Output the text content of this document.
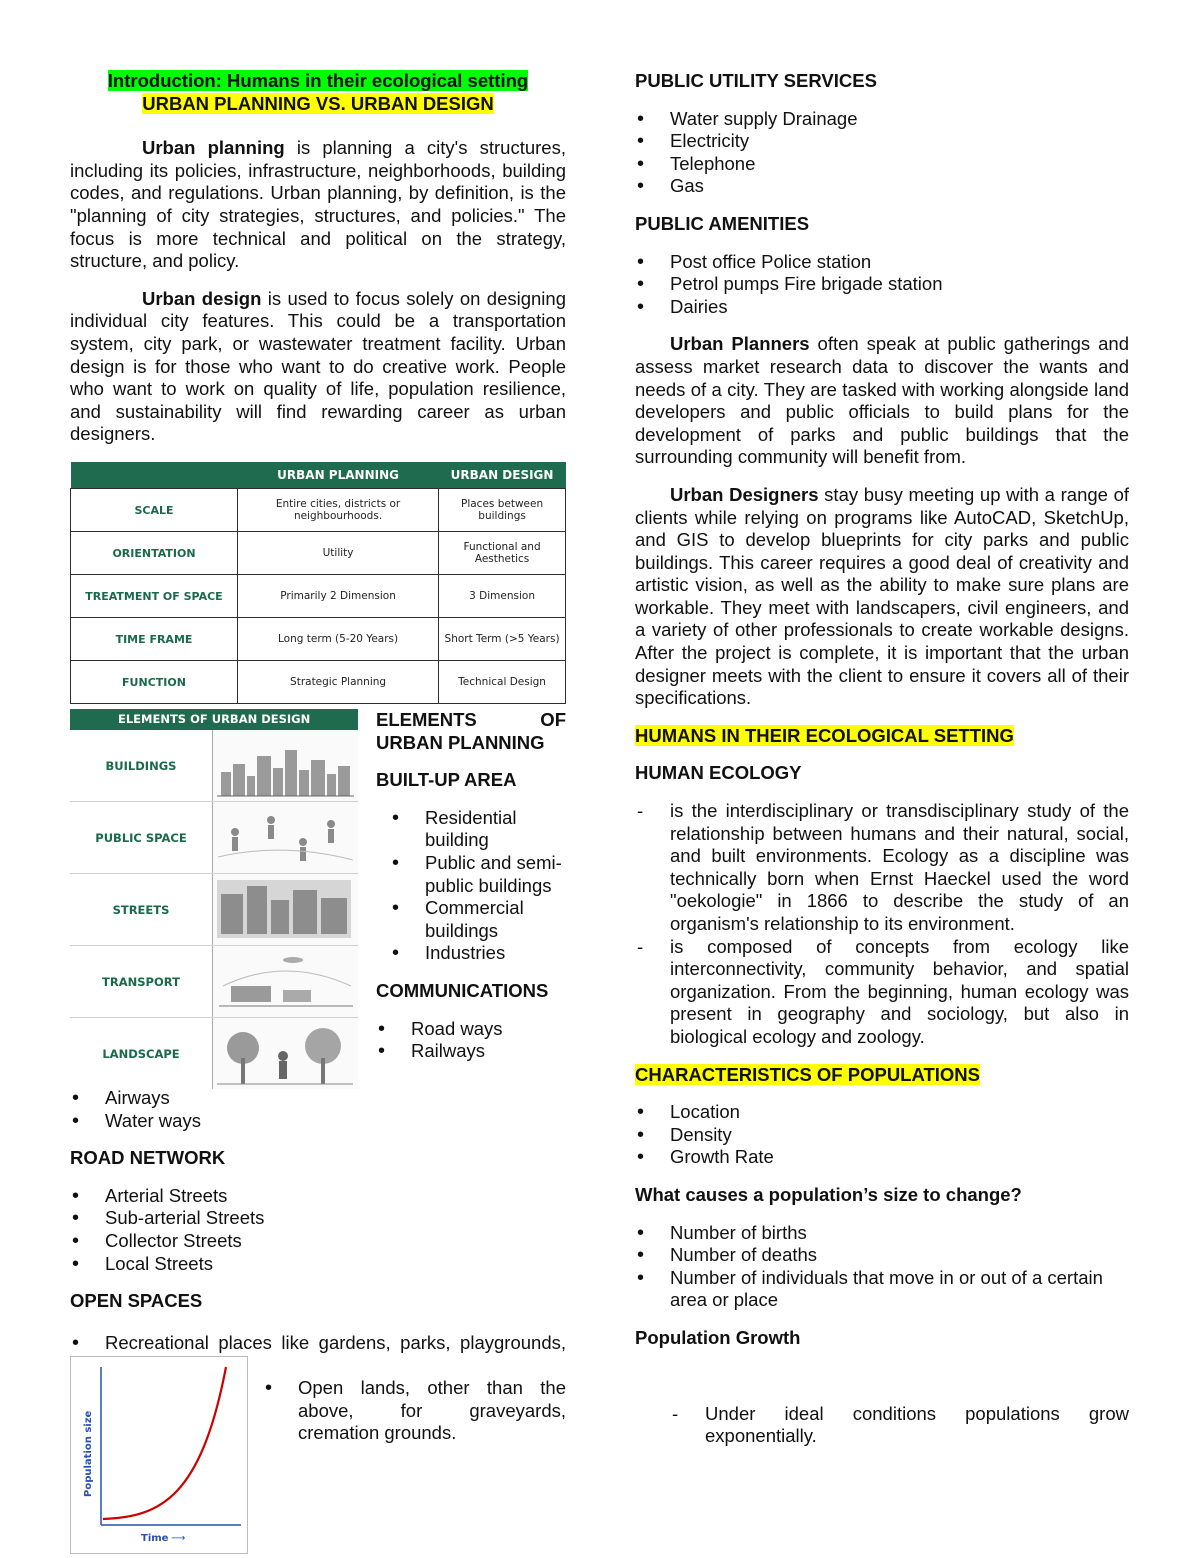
Introduction: Humans in their ecological setting
URBAN PLANNING VS. URBAN DESIGN

Urban planning is planning a city's structures, including its policies, infrastructure, neighborhoods, building codes, and regulations. Urban planning, by definition, is the "planning of city strategies, structures, and policies." The focus is more technical and political on the strategy, structure, and policy.

Urban design is used to focus solely on designing individual city features. This could be a transportation system, city park, or wastewater treatment facility. Urban design is for those who want to do creative work. People who want to work on quality of life, population resilience, and sustainability will find rewarding career as urban designers.

	URBAN PLANNING	URBAN DESIGN
SCALE	Entire cities, districts or neighbourhoods.	Places between buildings
ORIENTATION	Utility	Functional and Aesthetics
TREATMENT OF SPACE	Primarily 2 Dimension	3 Dimension
TIME FRAME	Long term (5-20 Years)	Short Term (>5 Years)
FUNCTION	Strategic Planning	Technical Design
ELEMENTS OF URBAN DESIGN
BUILDINGS
PUBLIC SPACE
STREETS
TRANSPORT
LANDSCAPE

ELEMENTS OF URBAN PLANNING

BUILT-UP AREA

• Residential building
• Public and semi-public buildings
• Commercial buildings
• Industries

COMMUNICATIONS

• Road ways
• Railways
• Airways
• Water ways

ROAD NETWORK

• Arterial Streets
• Sub-arterial Streets
• Collector Streets
• Local Streets

OPEN SPACES

• Recreational places like gardens, parks, playgrounds,
Population size
Time ⟶
• Open lands, other than the above, for graveyards, cremation grounds.

PUBLIC UTILITY SERVICES

• Water supply Drainage
• Electricity
• Telephone
• Gas

PUBLIC AMENITIES

• Post office Police station
• Petrol pumps Fire brigade station
• Dairies

Urban Planners often speak at public gatherings and assess market research data to discover the wants and needs of a city. They are tasked with working alongside land developers and public officials to build plans for the development of parks and public buildings that the surrounding community will benefit from.

Urban Designers stay busy meeting up with a range of clients while relying on programs like AutoCAD, SketchUp, and GIS to develop blueprints for city parks and public buildings. This career requires a good deal of creativity and artistic vision, as well as the ability to make sure plans are workable. They meet with landscapers, civil engineers, and a variety of other professionals to create workable designs. After the project is complete, it is important that the urban designer meets with the client to ensure it covers all of their specifications.

HUMANS IN THEIR ECOLOGICAL SETTING

HUMAN ECOLOGY

- is the interdisciplinary or transdisciplinary study of the relationship between humans and their natural, social, and built environments. Ecology as a discipline was technically born when Ernst Haeckel used the word "oekologie" in 1866 to describe the study of an organism's relationship to its environment.
- is composed of concepts from ecology like interconnectivity, community behavior, and spatial organization. From the beginning, human ecology was present in geography and sociology, but also in biological ecology and zoology.

CHARACTERISTICS OF POPULATIONS

• Location
• Density
• Growth Rate

What causes a population’s size to change?

• Number of births
• Number of deaths
• Number of individuals that move in or out of a certain area or place

Population Growth

- Under ideal conditions populations grow exponentially.
